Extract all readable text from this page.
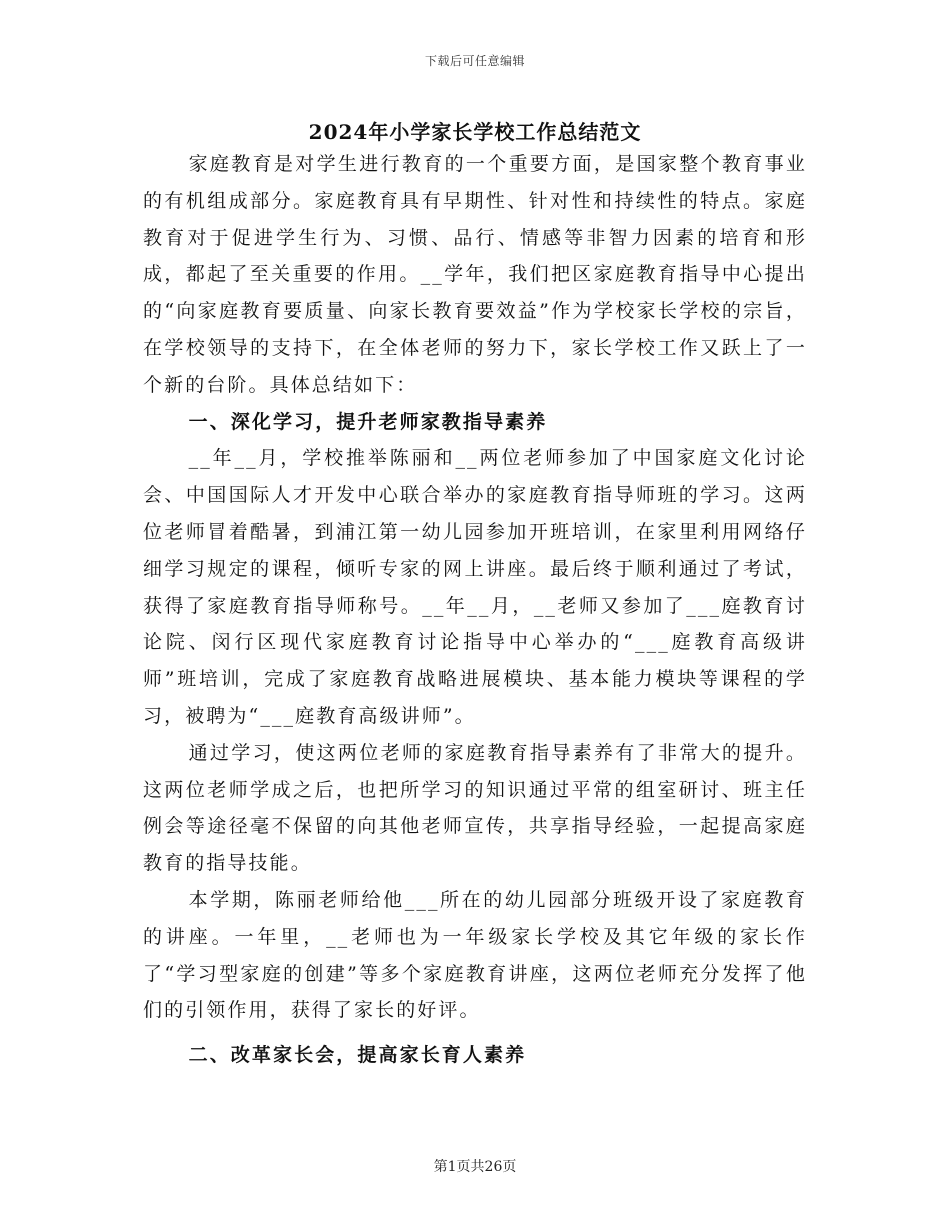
下载后可任意编辑
2024年小学家长学校工作总结范文

家庭教育是对学生进行教育的一个重要方面，是国家整个教育事业的有机组成部分。家庭教育具有早期性、针对性和持续性的特点。家庭教育对于促进学生行为、习惯、品行、情感等非智力因素的培育和形成，都起了至关重要的作用。__学年，我们把区家庭教育指导中心提出的“向家庭教育要质量、向家长教育要效益”作为学校家长学校的宗旨，在学校领导的支持下，在全体老师的努力下，家长学校工作又跃上了一个新的台阶。具体总结如下：

一、深化学习，提升老师家教指导素养

__年__月，学校推举陈丽和__两位老师参加了中国家庭文化讨论会、中国国际人才开发中心联合举办的家庭教育指导师班的学习。这两位老师冒着酷暑，到浦江第一幼儿园参加开班培训，在家里利用网络仔细学习规定的课程，倾听专家的网上讲座。最后终于顺利通过了考试，获得了家庭教育指导师称号。__年__月，__老师又参加了___庭教育讨论院、闵行区现代家庭教育讨论指导中心举办的“___庭教育高级讲师”班培训，完成了家庭教育战略进展模块、基本能力模块等课程的学习，被聘为“___庭教育高级讲师”。

通过学习，使这两位老师的家庭教育指导素养有了非常大的提升。这两位老师学成之后，也把所学习的知识通过平常的组室研讨、班主任例会等途径毫不保留的向其他老师宣传，共享指导经验，一起提高家庭教育的指导技能。

本学期，陈丽老师给他___所在的幼儿园部分班级开设了家庭教育的讲座。一年里，__老师也为一年级家长学校及其它年级的家长作了“学习型家庭的创建”等多个家庭教育讲座，这两位老师充分发挥了他们的引领作用，获得了家长的好评。

二、改革家长会，提高家长育人素养
第1页共26页
